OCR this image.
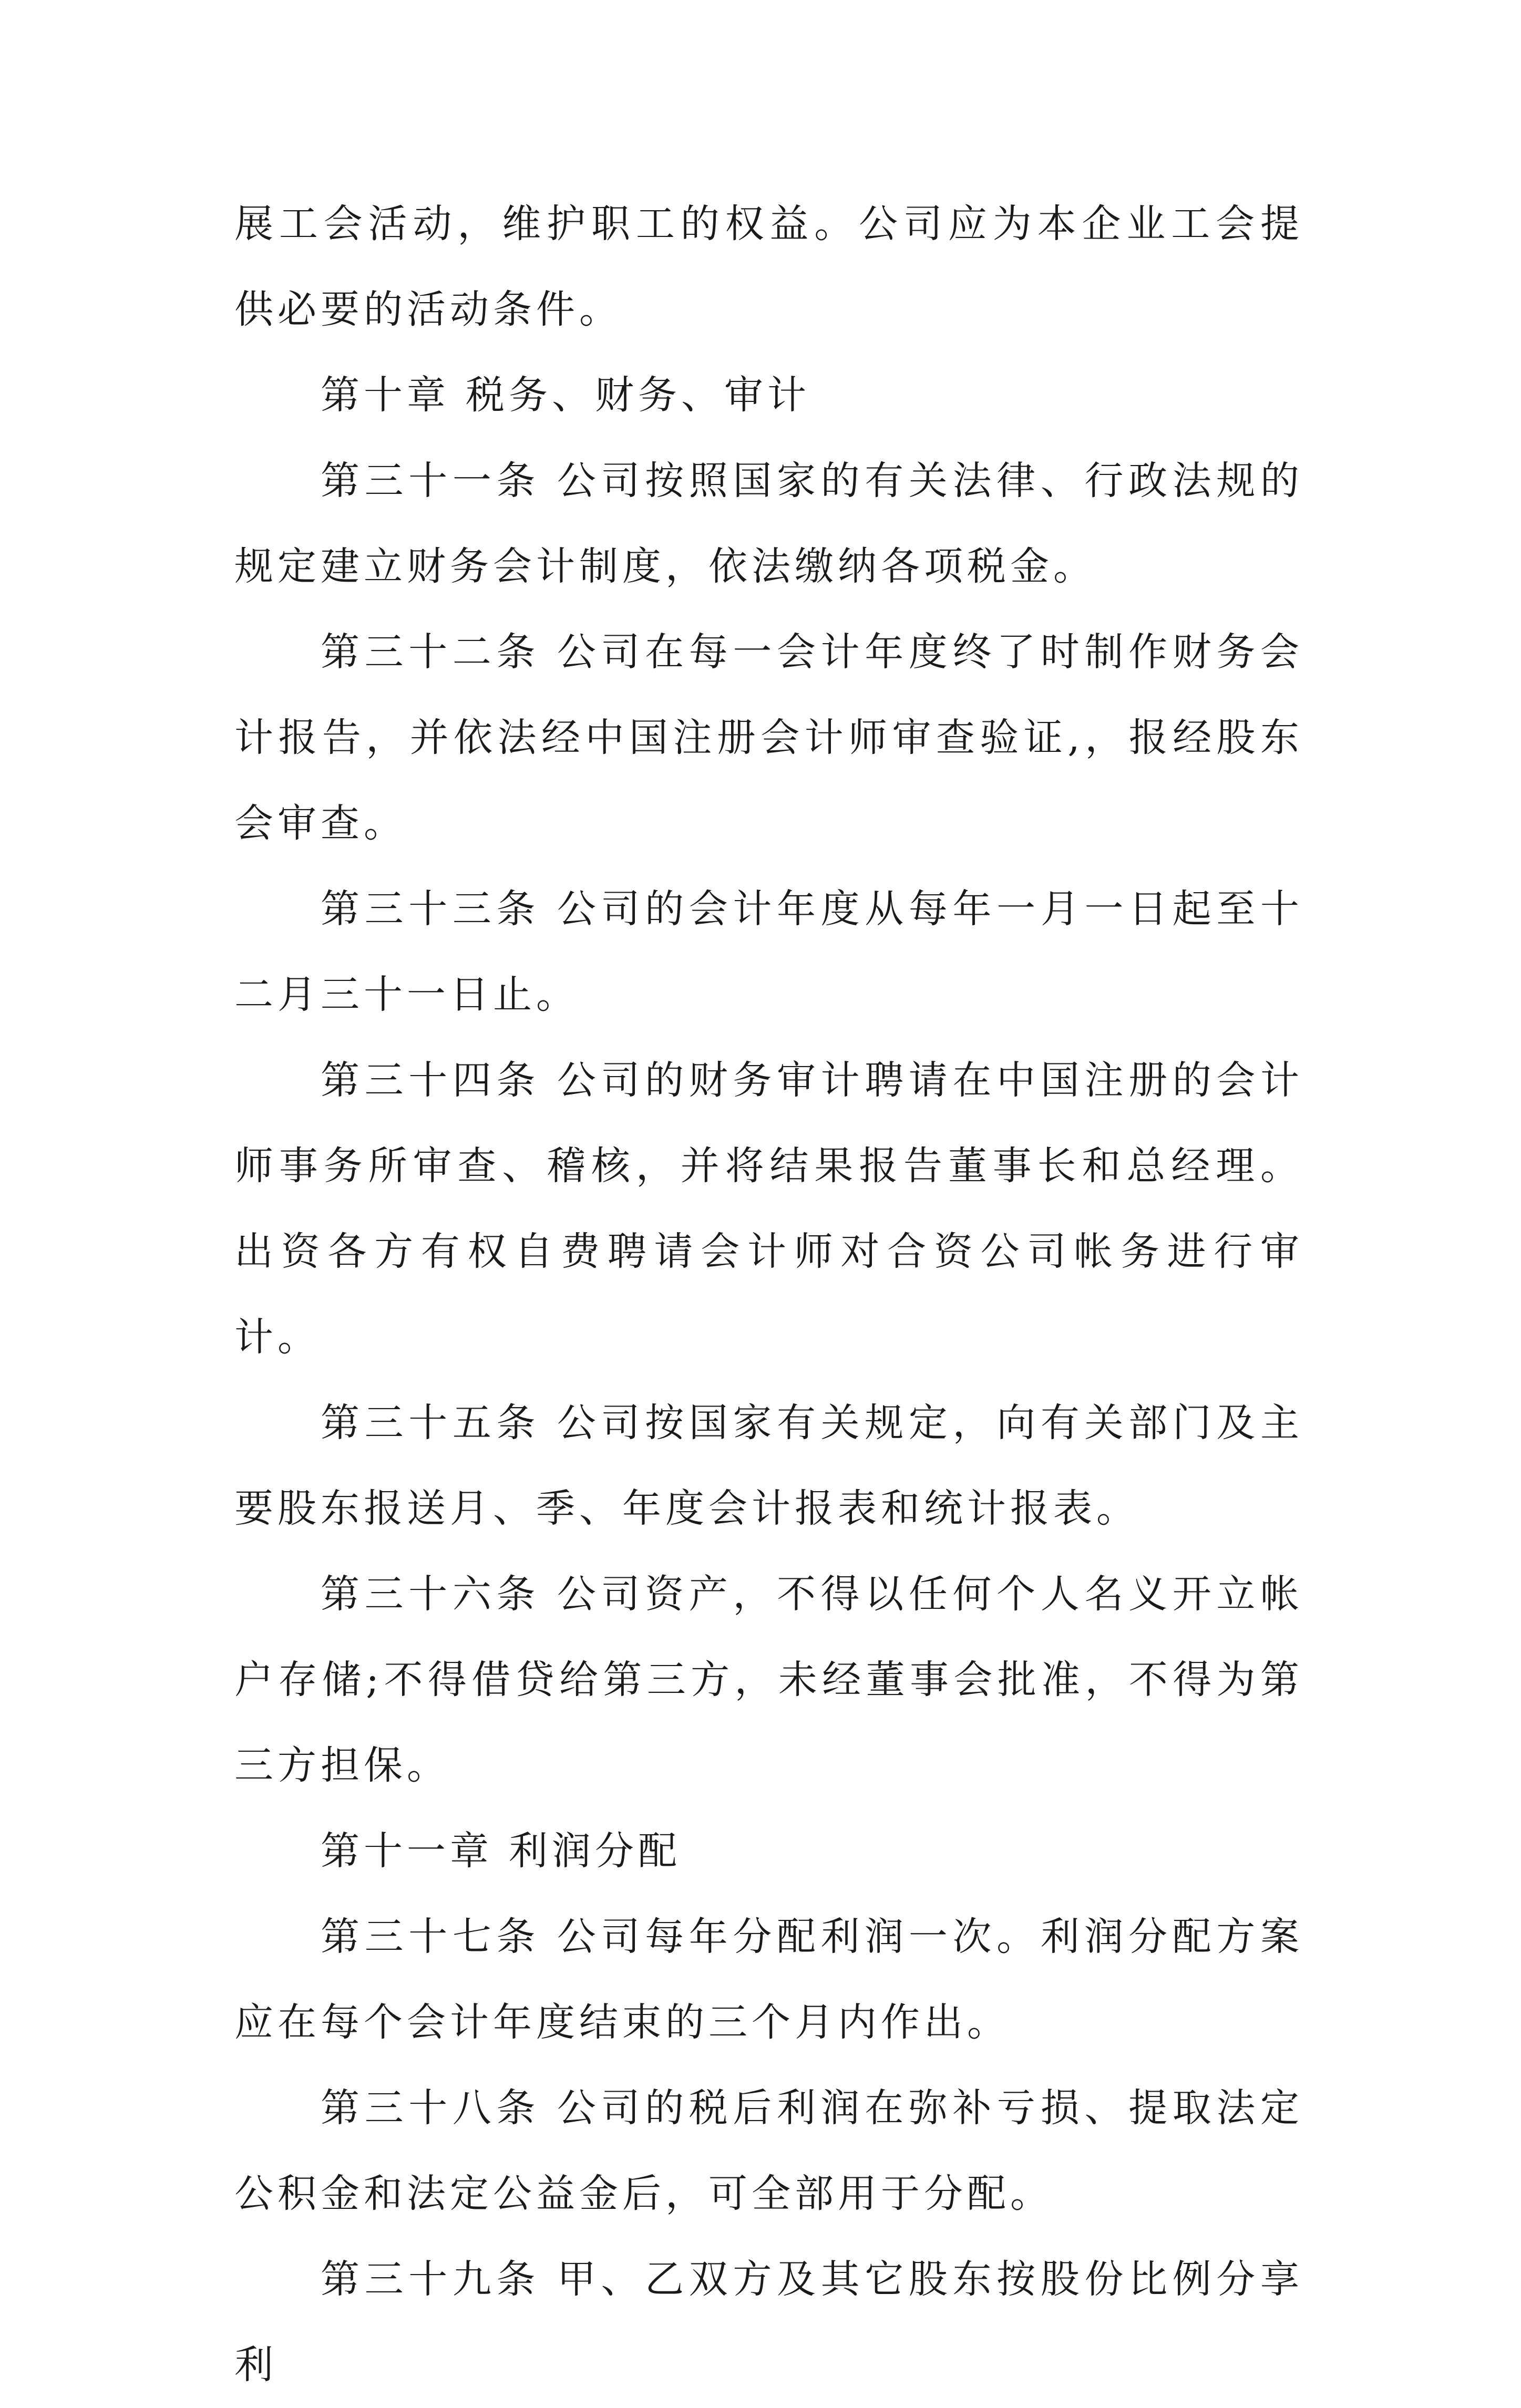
展工会活动，维护职工的权益。公司应为本企业工会提供必要的活动条件。

第十章 税务、财务、审计

第三十一条 公司按照国家的有关法律、行政法规的规定建立财务会计制度，依法缴纳各项税金。

第三十二条 公司在每一会计年度终了时制作财务会计报告，并依法经中国注册会计师审查验证,，报经股东会审查。

第三十三条 公司的会计年度从每年一月一日起至十二月三十一日止。

第三十四条 公司的财务审计聘请在中国注册的会计师事务所审查、稽核，并将结果报告董事长和总经理。出资各方有权自费聘请会计师对合资公司帐务进行审计。

第三十五条 公司按国家有关规定，向有关部门及主要股东报送月、季、年度会计报表和统计报表。

第三十六条 公司资产，不得以任何个人名义开立帐户存储;不得借贷给第三方，未经董事会批准，不得为第三方担保。

第十一章 利润分配

第三十七条 公司每年分配利润一次。利润分配方案应在每个会计年度结束的三个月内作出。

第三十八条 公司的税后利润在弥补亏损、提取法定公积金和法定公益金后，可全部用于分配。

第三十九条 甲、乙双方及其它股东按股份比例分享利
